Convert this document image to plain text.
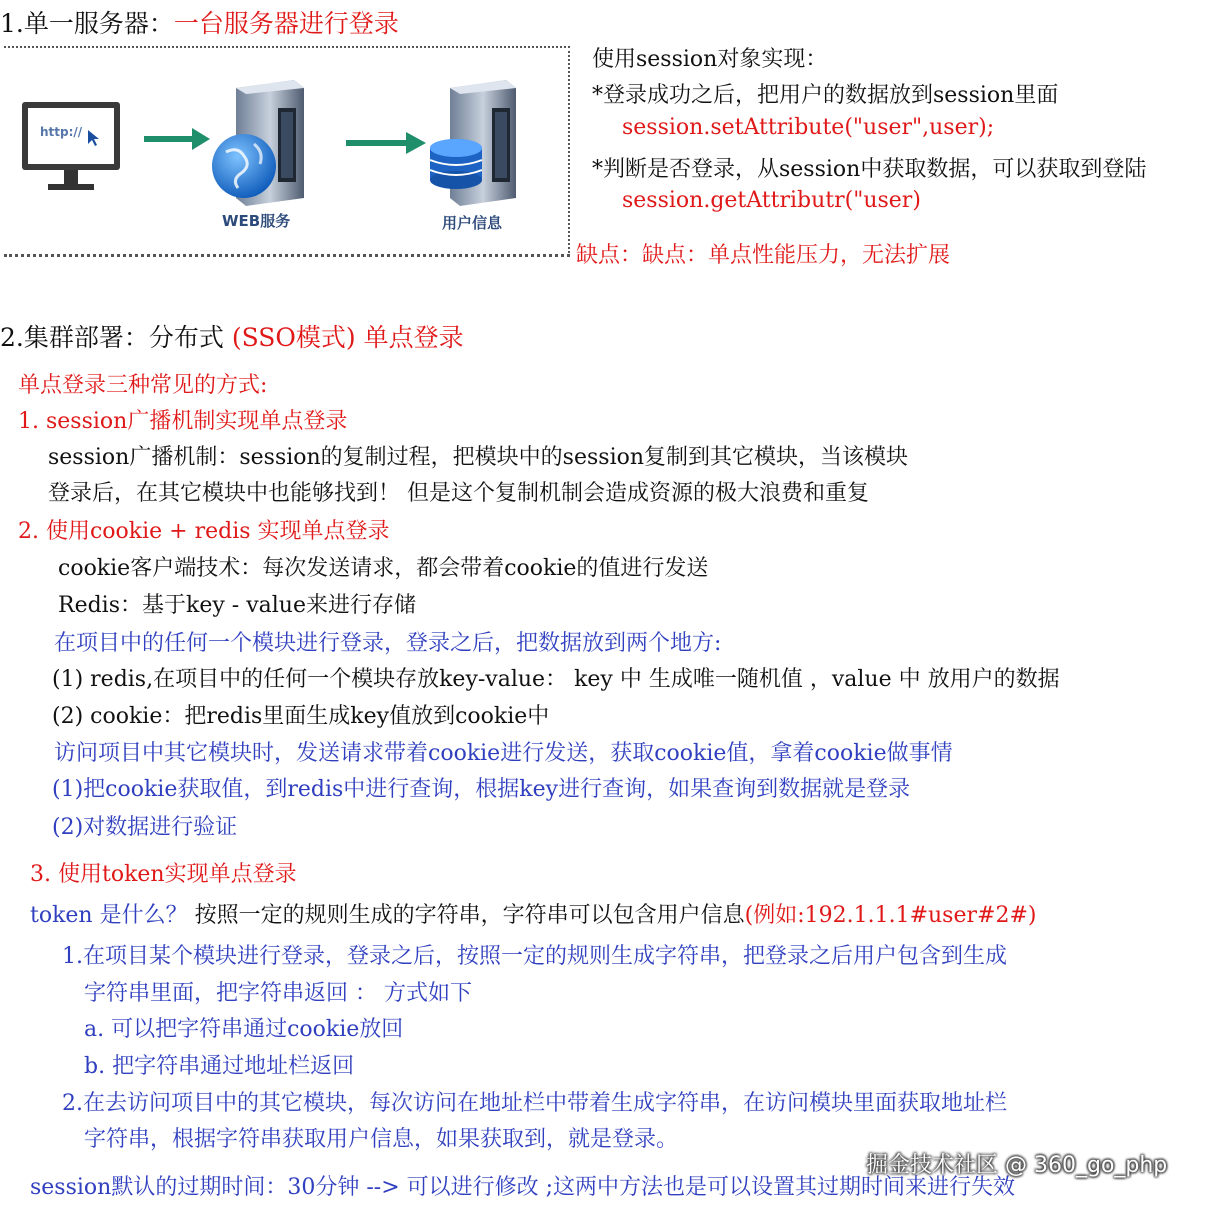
1.单一服务器：一台服务器进行登录
http://
WEB服务	用户信息
使用session对象实现：
*登录成功之后，把用户的数据放到session里面
session.setAttribute("user",user);
*判断是否登录，从session中获取数据，可以获取到登陆
session.getAttributr("user)
缺点：缺点：单点性能压力，无法扩展
2.集群部署：分布式 (SSO模式) 单点登录
单点登录三种常见的方式:
1. session广播机制实现单点登录
session广播机制：session的复制过程，把模块中的session复制到其它模块，当该模块
登录后，在其它模块中也能够找到！ 但是这个复制机制会造成资源的极大浪费和重复
2. 使用cookie + redis 实现单点登录
cookie客户端技术：每次发送请求，都会带着cookie的值进行发送
Redis：基于key - value来进行存储
在项目中的任何一个模块进行登录，登录之后，把数据放到两个地方:
(1) redis,在项目中的任何一个模块存放key-value： key 中 生成唯一随机值 ，value 中 放用户的数据
(2) cookie：把redis里面生成key值放到cookie中
访问项目中其它模块时，发送请求带着cookie进行发送，获取cookie值，拿着cookie做事情
(1)把cookie获取值，到redis中进行查询，根据key进行查询，如果查询到数据就是登录
(2)对数据进行验证
3. 使用token实现单点登录
token 是什么？ 按照一定的规则生成的字符串，字符串可以包含用户信息(例如:192.1.1.1#user#2#)
1.在项目某个模块进行登录，登录之后，按照一定的规则生成字符串，把登录之后用户包含到生成
字符串里面，把字符串返回 ： 方式如下
a. 可以把字符串通过cookie放回
b. 把字符串通过地址栏返回
2.在去访问项目中的其它模块，每次访问在地址栏中带着生成字符串，在访问模块里面获取地址栏
字符串，根据字符串获取用户信息，如果获取到，就是登录。
session默认的过期时间：30分钟 --> 可以进行修改 ;这两中方法也是可以设置其过期时间来进行失效
掘金技术社区 @ 360_go_php
